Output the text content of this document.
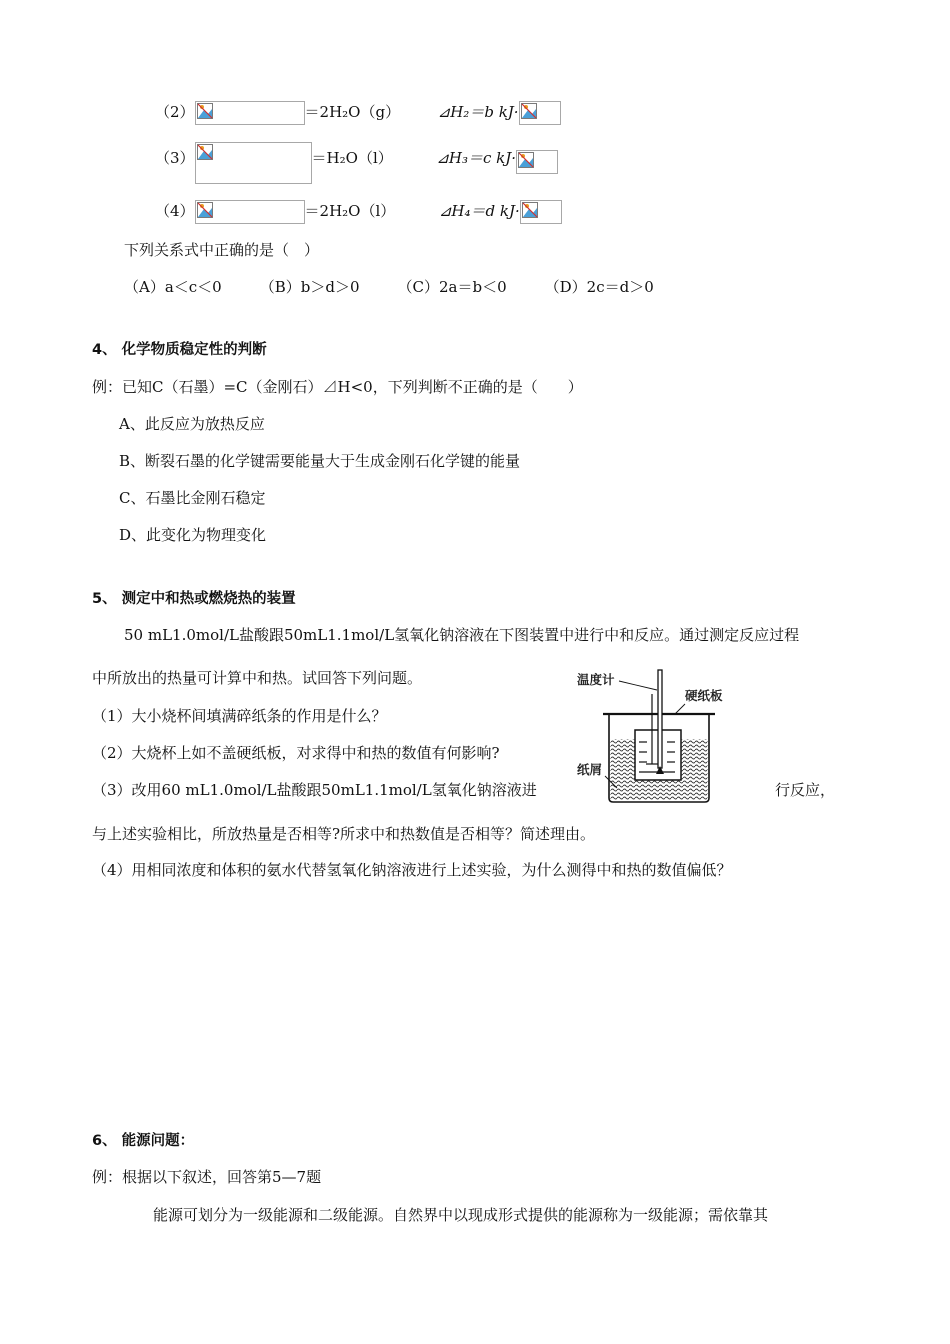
（2）	＝2H₂O（g）	⊿H₂＝b kJ·
（3）	＝H₂O（l）	⊿H₃＝c kJ·
（4）	＝2H₂O（l）	⊿H₄＝d kJ·
下列关系式中正确的是（　）
（A）a＜c＜0	（B）b＞d＞0	（C）2a＝b＜0	（D）2c＝d＞0
4、 化学物质稳定性的判断
例：已知C（石墨）=C（金刚石）⊿H<0，下列判断不正确的是（　　）
A、此反应为放热反应
B、断裂石墨的化学键需要能量大于生成金刚石化学键的能量
C、石墨比金刚石稳定
D、此变化为物理变化
5、 测定中和热或燃烧热的装置
50 mL1.0mol/L盐酸跟50mL1.1mol/L氢氧化钠溶液在下图装置中进行中和反应。通过测定反应过程
中所放出的热量可计算中和热。试回答下列问题。
（1）大小烧杯间填满碎纸条的作用是什么？
（2）大烧杯上如不盖硬纸板，对求得中和热的数值有何影响?
（3）改用60 mL1.0mol/L盐酸跟50mL1.1mol/L氢氧化钠溶液进	行反应，
与上述实验相比，所放热量是否相等?所求中和热数值是否相等？简述理由。
（4）用相同浓度和体积的氨水代替氢氧化钠溶液进行上述实验，为什么测得中和热的数值偏低？
温度计
硬纸板
纸屑
6、 能源问题：
例：根据以下叙述，回答第5—7题
能源可划分为一级能源和二级能源。自然界中以现成形式提供的能源称为一级能源；需依靠其
